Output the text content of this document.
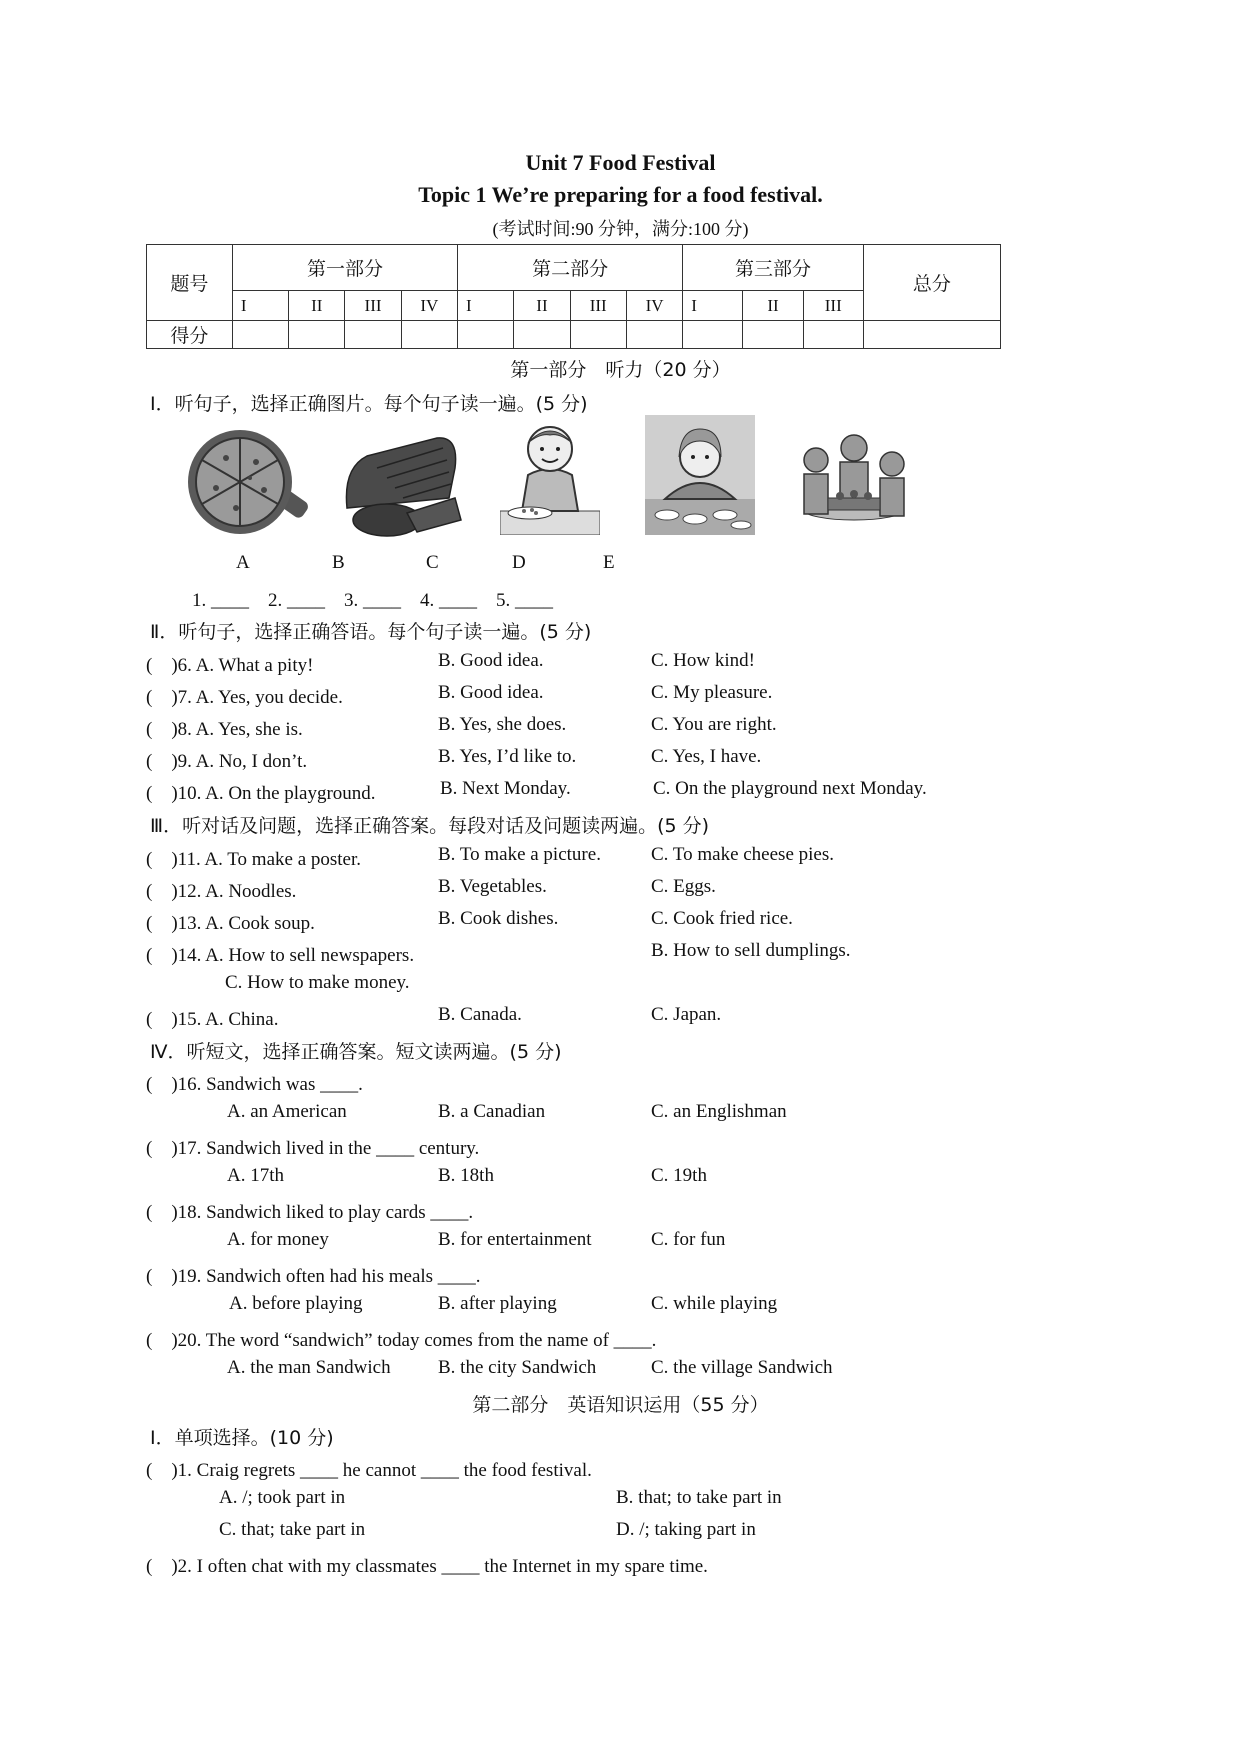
Unit 7 Food Festival
Topic 1 We’re preparing for a food festival.
(考试时间:90 分钟，满分:100 分)
题号	第一部分				第二部分				第三部分			总分
	I	II	III	IV	I	II	III	IV	I	II	III	
得分												
第一部分　听力（20 分）
Ⅰ．听句子，选择正确图片。每个句子读一遍。(5 分)
A	B	C	D	E
1. ____　2. ____　3. ____　4. ____　5. ____
Ⅱ．听句子，选择正确答语。每个句子读一遍。(5 分)
(　)6. A. What a pity!	B. Good idea.	C. How kind!
(　)7. A. Yes, you decide.	B. Good idea.	C. My pleasure.
(　)8. A. Yes, she is.	B. Yes, she does.	C. You are right.
(　)9. A. No, I don’t.	B. Yes, I’d like to.	C. Yes, I have.
(　)10. A. On the playground.	B. Next Monday.	C. On the playground next Monday.
Ⅲ．听对话及问题，选择正确答案。每段对话及问题读两遍。(5 分)
(　)11. A. To make a poster.	B. To make a picture.	C. To make cheese pies.
(　)12. A. Noodles.	B. Vegetables.	C. Eggs.
(　)13. A. Cook soup.	B. Cook dishes.	C. Cook fried rice.
(　)14. A. How to sell newspapers.	B. How to sell dumplings.
C. How to make money.
(　)15. A. China.	B. Canada.	C. Japan.
Ⅳ．听短文，选择正确答案。短文读两遍。(5 分)
(　)16. Sandwich was ____.
A. an American	B. a Canadian	C. an Englishman
(　)17. Sandwich lived in the ____ century.
A. 17th	B. 18th	C. 19th
(　)18. Sandwich liked to play cards ____.
A. for money	B. for entertainment	C. for fun
(　)19. Sandwich often had his meals ____.
A. before playing	B. after playing	C. while playing
(　)20. The word “sandwich” today comes from the name of ____.
A. the man Sandwich B. the city Sandwich	C. the village Sandwich
第二部分　英语知识运用（55 分）
Ⅰ．单项选择。(10 分)
(　)1. Craig regrets ____ he cannot ____ the food festival.
A. /; took part in	B. that; to take part in
C. that; take part in	D. /; taking part in
(　)2. I often chat with my classmates ____ the Internet in my spare time.
